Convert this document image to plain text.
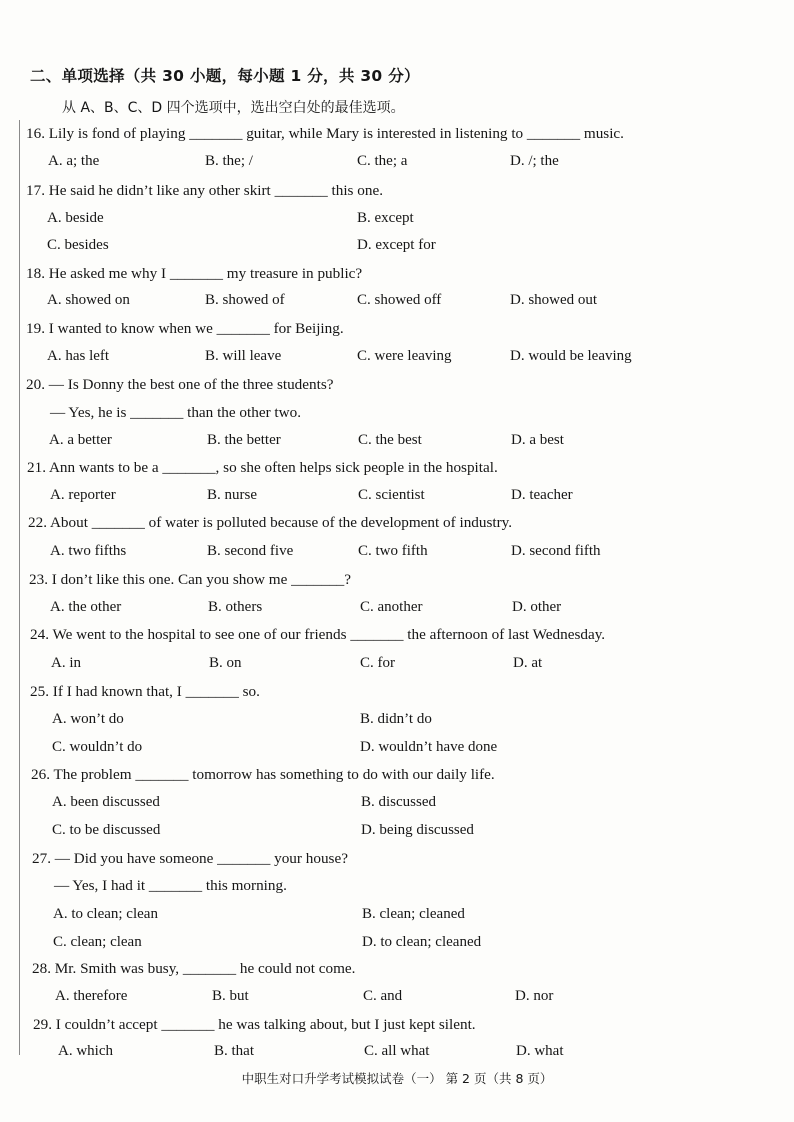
二、单项选择（共 30 小题，每小题 1 分，共 30 分）
从 A、B、C、D 四个选项中，选出空白处的最佳选项。
16. Lily is fond of playing _______ guitar, while Mary is interested in listening to _______ music.
A. a; the	B. the; /	C. the; a	D. /; the
17. He said he didn’t like any other skirt _______ this one.
A. beside	B. except
C. besides	D. except for
18. He asked me why I _______ my treasure in public?
A. showed on	B. showed of	C. showed off	D. showed out
19. I wanted to know when we _______ for Beijing.
A. has left	B. will leave	C. were leaving	D. would be leaving
20. — Is Donny the best one of the three students?
— Yes, he is _______ than the other two.
A. a better	B. the better	C. the best	D. a best
21. Ann wants to be a _______, so she often helps sick people in the hospital.
A. reporter	B. nurse	C. scientist	D. teacher
22. About _______ of water is polluted because of the development of industry.
A. two fifths	B. second five	C. two fifth	D. second fifth
23. I don’t like this one. Can you show me _______?
A. the other	B. others	C. another	D. other
24. We went to the hospital to see one of our friends _______ the afternoon of last Wednesday.
A. in	B. on	C. for	D. at
25. If I had known that, I _______ so.
A. won’t do	B. didn’t do
C. wouldn’t do	D. wouldn’t have done
26. The problem _______ tomorrow has something to do with our daily life.
A. been discussed	B. discussed
C. to be discussed	D. being discussed
27. — Did you have someone _______ your house?
— Yes, I had it _______ this morning.
A. to clean; clean	B. clean; cleaned
C. clean; clean	D. to clean; cleaned
28. Mr. Smith was busy, _______ he could not come.
A. therefore	B. but	C. and	D. nor
29. I couldn’t accept _______ he was talking about, but I just kept silent.
A. which	B. that	C. all what	D. what
中职生对口升学考试模拟试卷（一） 第 2 页（共 8 页）
